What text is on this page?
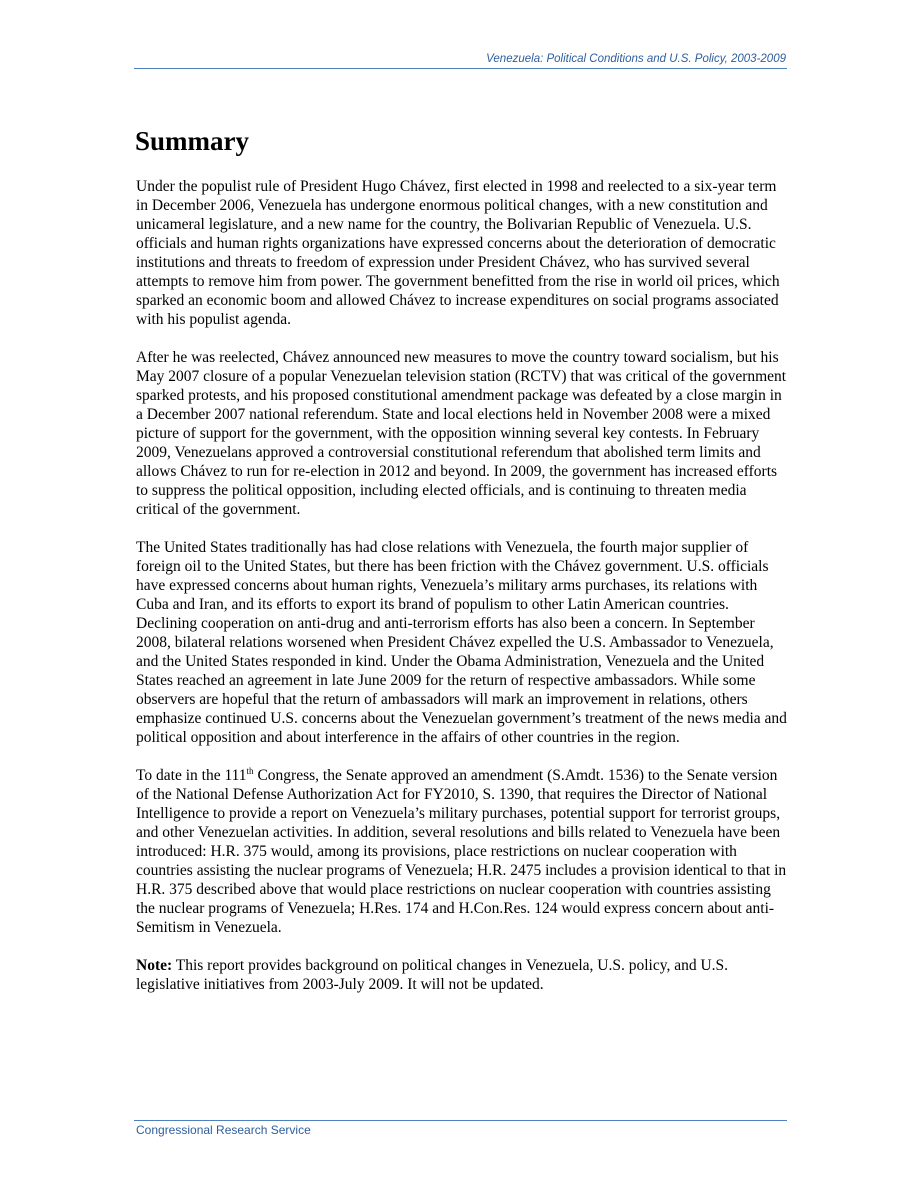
Venezuela: Political Conditions and U.S. Policy, 2003-2009
Summary

Under the populist rule of President Hugo Chávez, first elected in 1998 and reelected to a six-year term in December 2006, Venezuela has undergone enormous political changes, with a new constitution and unicameral legislature, and a new name for the country, the Bolivarian Republic of Venezuela. U.S. officials and human rights organizations have expressed concerns about the deterioration of democratic institutions and threats to freedom of expression under President Chávez, who has survived several attempts to remove him from power. The government benefitted from the rise in world oil prices, which sparked an economic boom and allowed Chávez to increase expenditures on social programs associated with his populist agenda.

After he was reelected, Chávez announced new measures to move the country toward socialism, but his May 2007 closure of a popular Venezuelan television station (RCTV) that was critical of the government sparked protests, and his proposed constitutional amendment package was defeated by a close margin in a December 2007 national referendum. State and local elections held in November 2008 were a mixed picture of support for the government, with the opposition winning several key contests. In February 2009, Venezuelans approved a controversial constitutional referendum that abolished term limits and allows Chávez to run for re-election in 2012 and beyond. In 2009, the government has increased efforts to suppress the political opposition, including elected officials, and is continuing to threaten media critical of the government.

The United States traditionally has had close relations with Venezuela, the fourth major supplier of foreign oil to the United States, but there has been friction with the Chávez government. U.S. officials have expressed concerns about human rights, Venezuela’s military arms purchases, its relations with Cuba and Iran, and its efforts to export its brand of populism to other Latin American countries. Declining cooperation on anti-drug and anti-terrorism efforts has also been a concern. In September 2008, bilateral relations worsened when President Chávez expelled the U.S. Ambassador to Venezuela, and the United States responded in kind. Under the Obama Administration, Venezuela and the United States reached an agreement in late June 2009 for the return of respective ambassadors. While some observers are hopeful that the return of ambassadors will mark an improvement in relations, others emphasize continued U.S. concerns about the Venezuelan government’s treatment of the news media and political opposition and about interference in the affairs of other countries in the region.

To date in the 111th Congress, the Senate approved an amendment (S.Amdt. 1536) to the Senate version of the National Defense Authorization Act for FY2010, S. 1390, that requires the Director of National Intelligence to provide a report on Venezuela’s military purchases, potential support for terrorist groups, and other Venezuelan activities. In addition, several resolutions and bills related to Venezuela have been introduced: H.R. 375 would, among its provisions, place restrictions on nuclear cooperation with countries assisting the nuclear programs of Venezuela; H.R. 2475 includes a provision identical to that in H.R. 375 described above that would place restrictions on nuclear cooperation with countries assisting the nuclear programs of Venezuela; H.Res. 174 and H.Con.Res. 124 would express concern about anti-Semitism in Venezuela.

Note: This report provides background on political changes in Venezuela, U.S. policy, and U.S. legislative initiatives from 2003-July 2009. It will not be updated.

Congressional Research Service
